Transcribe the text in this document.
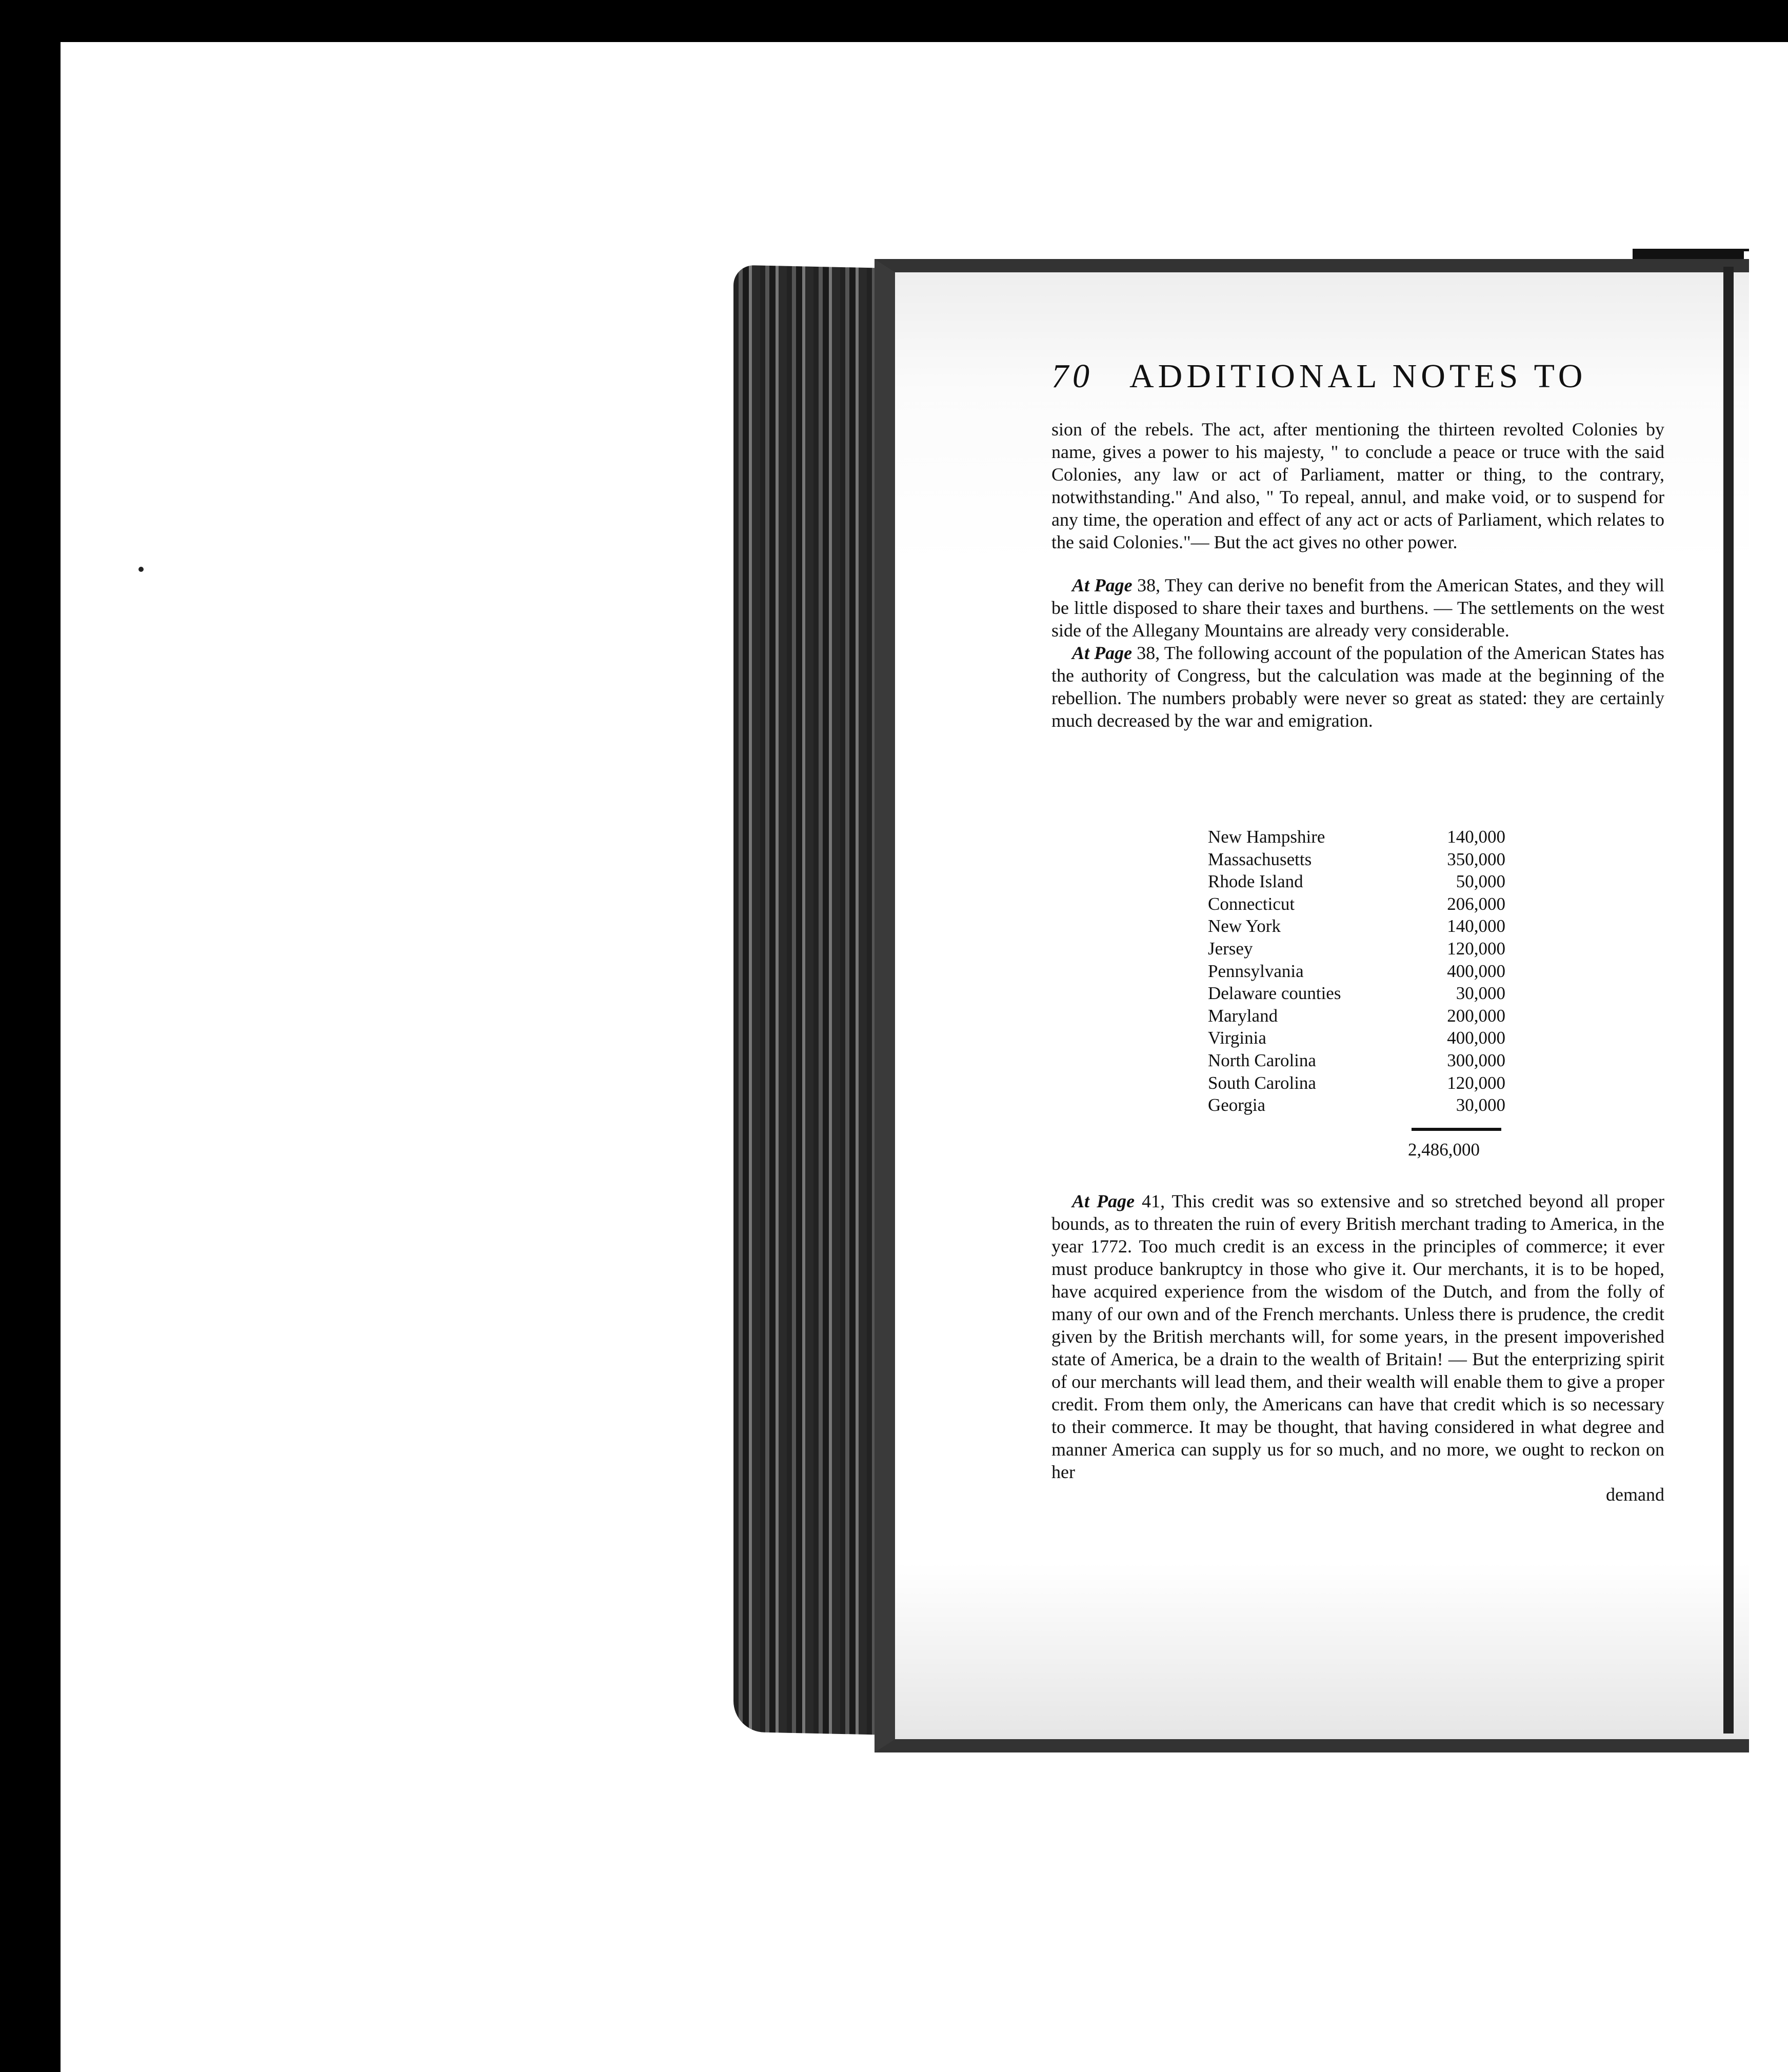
70 ADDITIONAL NOTES TO

sion of the rebels. The act, after mentioning the thirteen revolted Colonies by name, gives a power to his majesty, " to conclude a peace or truce with the said Colonies, any law or act of Parliament, matter or thing, to the contrary, notwithstanding." And also, " To repeal, annul, and make void, or to suspend for any time, the operation and effect of any act or acts of Parliament, which relates to the said Colonies."— But the act gives no other power.

At Page 38, They can derive no benefit from the American States, and they will be little disposed to share their taxes and burthens. — The settlements on the west side of the Allegany Mountains are already very considerable.

At Page 38, The following account of the population of the American States has the authority of Congress, but the calculation was made at the beginning of the rebellion. The numbers probably were never so great as stated: they are certainly much decreased by the war and emigration.

New Hampshire	140,000
Massachusetts	350,000
Rhode Island	50,000
Connecticut	206,000
New York	140,000
Jersey	120,000
Pennsylvania	400,000
Delaware counties	30,000
Maryland	200,000
Virginia	400,000
North Carolina	300,000
South Carolina	120,000
Georgia	30,000
2,486,000

At Page 41, This credit was so extensive and so stretched beyond all proper bounds, as to threaten the ruin of every British merchant trading to America, in the year 1772. Too much credit is an excess in the principles of commerce; it ever must produce bankruptcy in those who give it. Our merchants, it is to be hoped, have acquired experience from the wisdom of the Dutch, and from the folly of many of our own and of the French merchants. Unless there is prudence, the credit given by the British merchants will, for some years, in the present impoverished state of America, be a drain to the wealth of Britain! — But the enterprizing spirit of our merchants will lead them, and their wealth will enable them to give a proper credit. From them only, the Americans can have that credit which is so necessary to their commerce. It may be thought, that having considered in what degree and manner America can supply us for so much, and no more, we ought to reckon on her

demand
